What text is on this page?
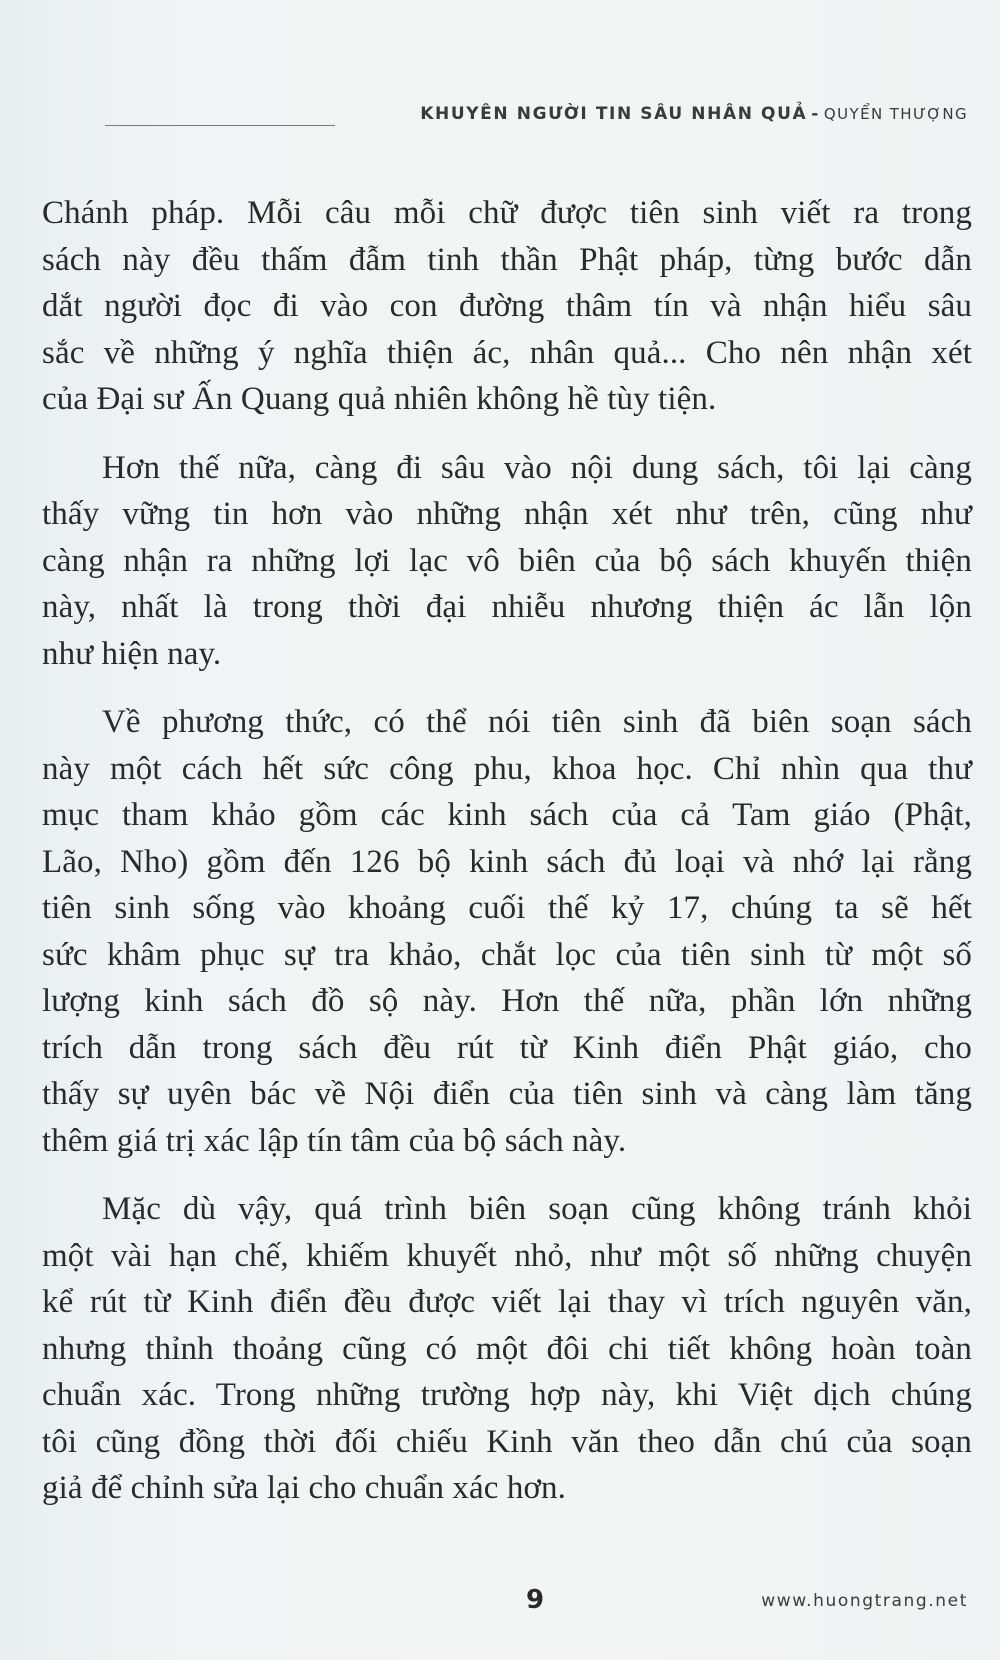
KHUYÊN NGƯỜI TIN SÂU NHÂN QUẢ - QUYỂN THƯỢNG
Chánh pháp. Mỗi câu mỗi chữ được tiên sinh viết ra trong
sách này đều thấm đẫm tinh thần Phật pháp, từng bước dẫn
dắt người đọc đi vào con đường thâm tín và nhận hiểu sâu
sắc về những ý nghĩa thiện ác, nhân quả... Cho nên nhận xét
của Đại sư Ấn Quang quả nhiên không hề tùy tiện.
Hơn thế nữa, càng đi sâu vào nội dung sách, tôi lại càng
thấy vững tin hơn vào những nhận xét như trên, cũng như
càng nhận ra những lợi lạc vô biên của bộ sách khuyến thiện
này, nhất là trong thời đại nhiễu nhương thiện ác lẫn lộn
như hiện nay.
Về phương thức, có thể nói tiên sinh đã biên soạn sách
này một cách hết sức công phu, khoa học. Chỉ nhìn qua thư
mục tham khảo gồm các kinh sách của cả Tam giáo (Phật,
Lão, Nho) gồm đến 126 bộ kinh sách đủ loại và nhớ lại rằng
tiên sinh sống vào khoảng cuối thế kỷ 17, chúng ta sẽ hết
sức khâm phục sự tra khảo, chắt lọc của tiên sinh từ một số
lượng kinh sách đồ sộ này. Hơn thế nữa, phần lớn những
trích dẫn trong sách đều rút từ Kinh điển Phật giáo, cho
thấy sự uyên bác về Nội điển của tiên sinh và càng làm tăng
thêm giá trị xác lập tín tâm của bộ sách này.
Mặc dù vậy, quá trình biên soạn cũng không tránh khỏi
một vài hạn chế, khiếm khuyết nhỏ, như một số những chuyện
kể rút từ Kinh điển đều được viết lại thay vì trích nguyên văn,
nhưng thỉnh thoảng cũng có một đôi chi tiết không hoàn toàn
chuẩn xác. Trong những trường hợp này, khi Việt dịch chúng
tôi cũng đồng thời đối chiếu Kinh văn theo dẫn chú của soạn
giả để chỉnh sửa lại cho chuẩn xác hơn.
9	www.huongtrang.net
